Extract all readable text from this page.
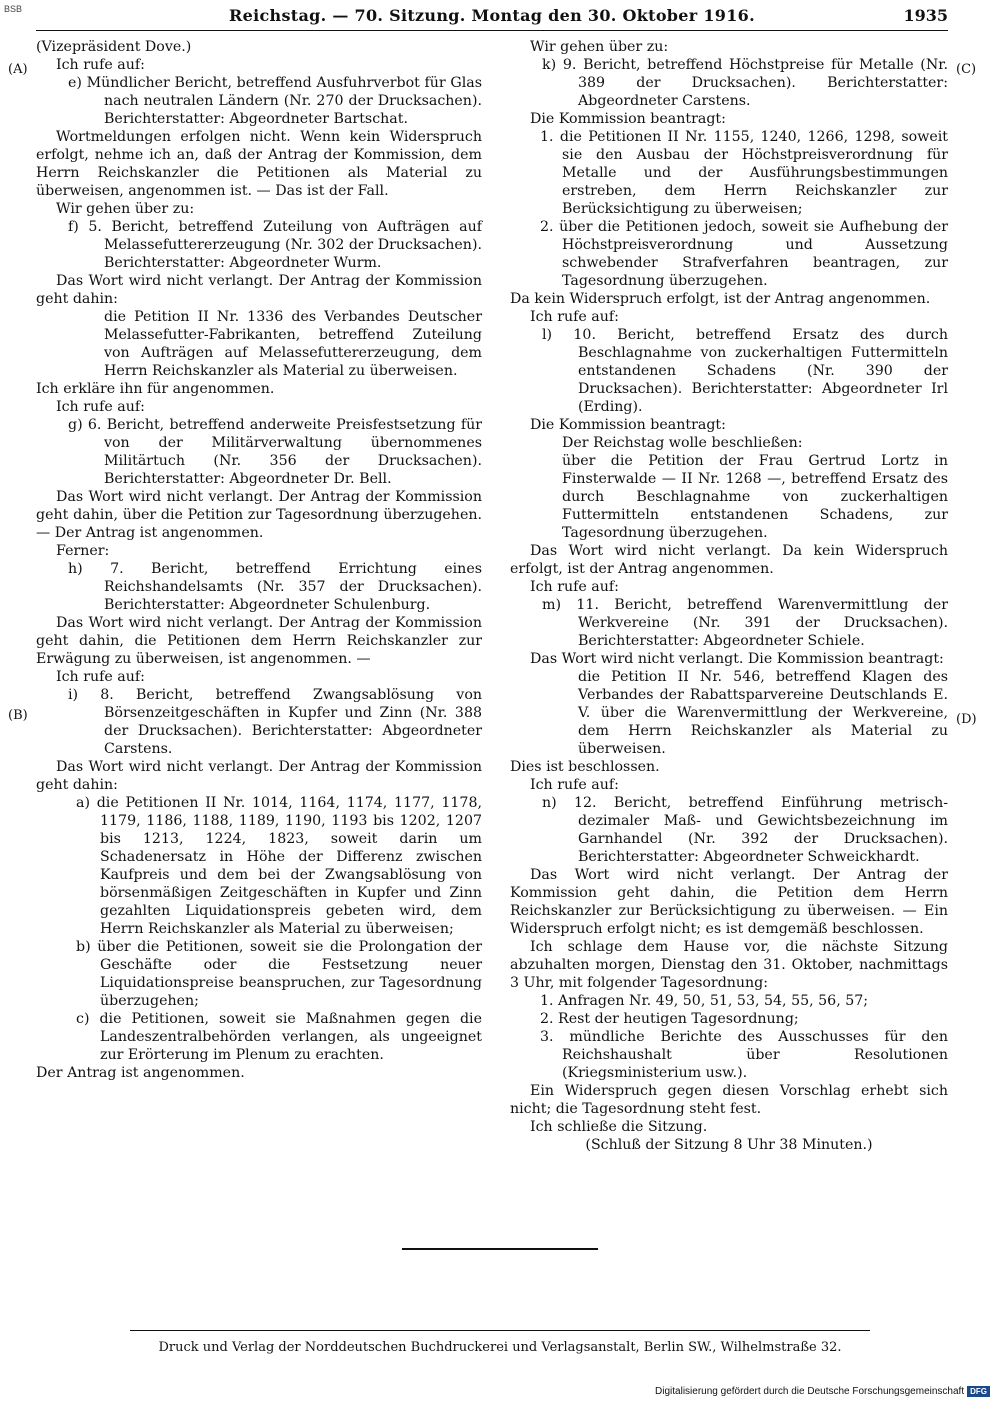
BSB	Reichstag. — 70. Sitzung. Montag den 30. Oktober 1916.	1935
(A)
(B)
(C)
(D)

(Vizepräsident Dove.)

Ich rufe auf:

e) Mündlicher Bericht, betreffend Ausfuhrverbot für Glas nach neutralen Ländern (Nr. 270 der Drucksachen). Berichterstatter: Abgeordneter Bartschat.

Wortmeldungen erfolgen nicht. Wenn kein Widerspruch erfolgt, nehme ich an, daß der Antrag der Kommission, dem Herrn Reichskanzler die Petitionen als Material zu überweisen, angenommen ist. — Das ist der Fall.

Wir gehen über zu:

f) 5. Bericht, betreffend Zuteilung von Aufträgen auf Melassefuttererzeugung (Nr. 302 der Drucksachen). Berichterstatter: Abgeordneter Wurm.

Das Wort wird nicht verlangt. Der Antrag der Kommission geht dahin:

die Petition II Nr. 1336 des Verbandes Deutscher Melassefutter-Fabrikanten, betreffend Zuteilung von Aufträgen auf Melassefuttererzeugung, dem Herrn Reichskanzler als Material zu überweisen.

Ich erkläre ihn für angenommen.

Ich rufe auf:

g) 6. Bericht, betreffend anderweite Preisfestsetzung für von der Militärverwaltung übernommenes Militärtuch (Nr. 356 der Drucksachen). Berichterstatter: Abgeordneter Dr. Bell.

Das Wort wird nicht verlangt. Der Antrag der Kommission geht dahin, über die Petition zur Tagesordnung überzugehen. — Der Antrag ist angenommen.

Ferner:

h) 7. Bericht, betreffend Errichtung eines Reichshandelsamts (Nr. 357 der Drucksachen). Berichterstatter: Abgeordneter Schulenburg.

Das Wort wird nicht verlangt. Der Antrag der Kommission geht dahin, die Petitionen dem Herrn Reichskanzler zur Erwägung zu überweisen, ist angenommen. —

Ich rufe auf:

i) 8. Bericht, betreffend Zwangsablösung von Börsenzeitgeschäften in Kupfer und Zinn (Nr. 388 der Drucksachen). Berichterstatter: Abgeordneter Carstens.

Das Wort wird nicht verlangt. Der Antrag der Kommission geht dahin:

a) die Petitionen II Nr. 1014, 1164, 1174, 1177, 1178, 1179, 1186, 1188, 1189, 1190, 1193 bis 1202, 1207 bis 1213, 1224, 1823, soweit darin um Schadenersatz in Höhe der Differenz zwischen Kaufpreis und dem bei der Zwangsablösung von börsenmäßigen Zeitgeschäften in Kupfer und Zinn gezahlten Liquidationspreis gebeten wird, dem Herrn Reichskanzler als Material zu überweisen;

b) über die Petitionen, soweit sie die Prolongation der Geschäfte oder die Festsetzung neuer Liquidationspreise beanspruchen, zur Tagesordnung überzugehen;

c) die Petitionen, soweit sie Maßnahmen gegen die Landeszentralbehörden verlangen, als ungeeignet zur Erörterung im Plenum zu erachten.

Der Antrag ist angenommen.

Wir gehen über zu:

k) 9. Bericht, betreffend Höchstpreise für Metalle (Nr. 389 der Drucksachen). Berichterstatter: Abgeordneter Carstens.

Die Kommission beantragt:

1. die Petitionen II Nr. 1155, 1240, 1266, 1298, soweit sie den Ausbau der Höchstpreisverordnung für Metalle und der Ausführungsbestimmungen erstreben, dem Herrn Reichskanzler zur Berücksichtigung zu überweisen;

2. über die Petitionen jedoch, soweit sie Aufhebung der Höchstpreisverordnung und Aussetzung schwebender Strafverfahren beantragen, zur Tagesordnung überzugehen.

Da kein Widerspruch erfolgt, ist der Antrag angenommen.

Ich rufe auf:

l) 10. Bericht, betreffend Ersatz des durch Beschlagnahme von zuckerhaltigen Futtermitteln entstandenen Schadens (Nr. 390 der Drucksachen). Berichterstatter: Abgeordneter Irl (Erding).

Die Kommission beantragt:

Der Reichstag wolle beschließen:

über die Petition der Frau Gertrud Lortz in Finsterwalde — II Nr. 1268 —, betreffend Ersatz des durch Beschlagnahme von zuckerhaltigen Futtermitteln entstandenen Schadens, zur Tagesordnung überzugehen.

Das Wort wird nicht verlangt. Da kein Widerspruch erfolgt, ist der Antrag angenommen.

Ich rufe auf:

m) 11. Bericht, betreffend Warenvermittlung der Werkvereine (Nr. 391 der Drucksachen). Berichterstatter: Abgeordneter Schiele.

Das Wort wird nicht verlangt. Die Kommission beantragt:

die Petition II Nr. 546, betreffend Klagen des Verbandes der Rabattsparvereine Deutschlands E. V. über die Warenvermittlung der Werkvereine, dem Herrn Reichskanzler als Material zu überweisen.

Dies ist beschlossen.

Ich rufe auf:

n) 12. Bericht, betreffend Einführung metrisch-dezimaler Maß- und Gewichtsbezeichnung im Garnhandel (Nr. 392 der Drucksachen). Berichterstatter: Abgeordneter Schweickhardt.

Das Wort wird nicht verlangt. Der Antrag der Kommission geht dahin, die Petition dem Herrn Reichskanzler zur Berücksichtigung zu überweisen. — Ein Widerspruch erfolgt nicht; es ist demgemäß beschlossen.

Ich schlage dem Hause vor, die nächste Sitzung abzuhalten morgen, Dienstag den 31. Oktober, nachmittags 3 Uhr, mit folgender Tagesordnung:

1. Anfragen Nr. 49, 50, 51, 53, 54, 55, 56, 57;

2. Rest der heutigen Tagesordnung;

3. mündliche Berichte des Ausschusses für den Reichshaushalt über Resolutionen (Kriegsministerium usw.).

Ein Widerspruch gegen diesen Vorschlag erhebt sich nicht; die Tagesordnung steht fest.

Ich schließe die Sitzung.

(Schluß der Sitzung 8 Uhr 38 Minuten.)

Druck und Verlag der Norddeutschen Buchdruckerei und Verlagsanstalt, Berlin SW., Wilhelmstraße 32.
Digitalisierung gefördert durch die Deutsche Forschungsgemeinschaft DFG
